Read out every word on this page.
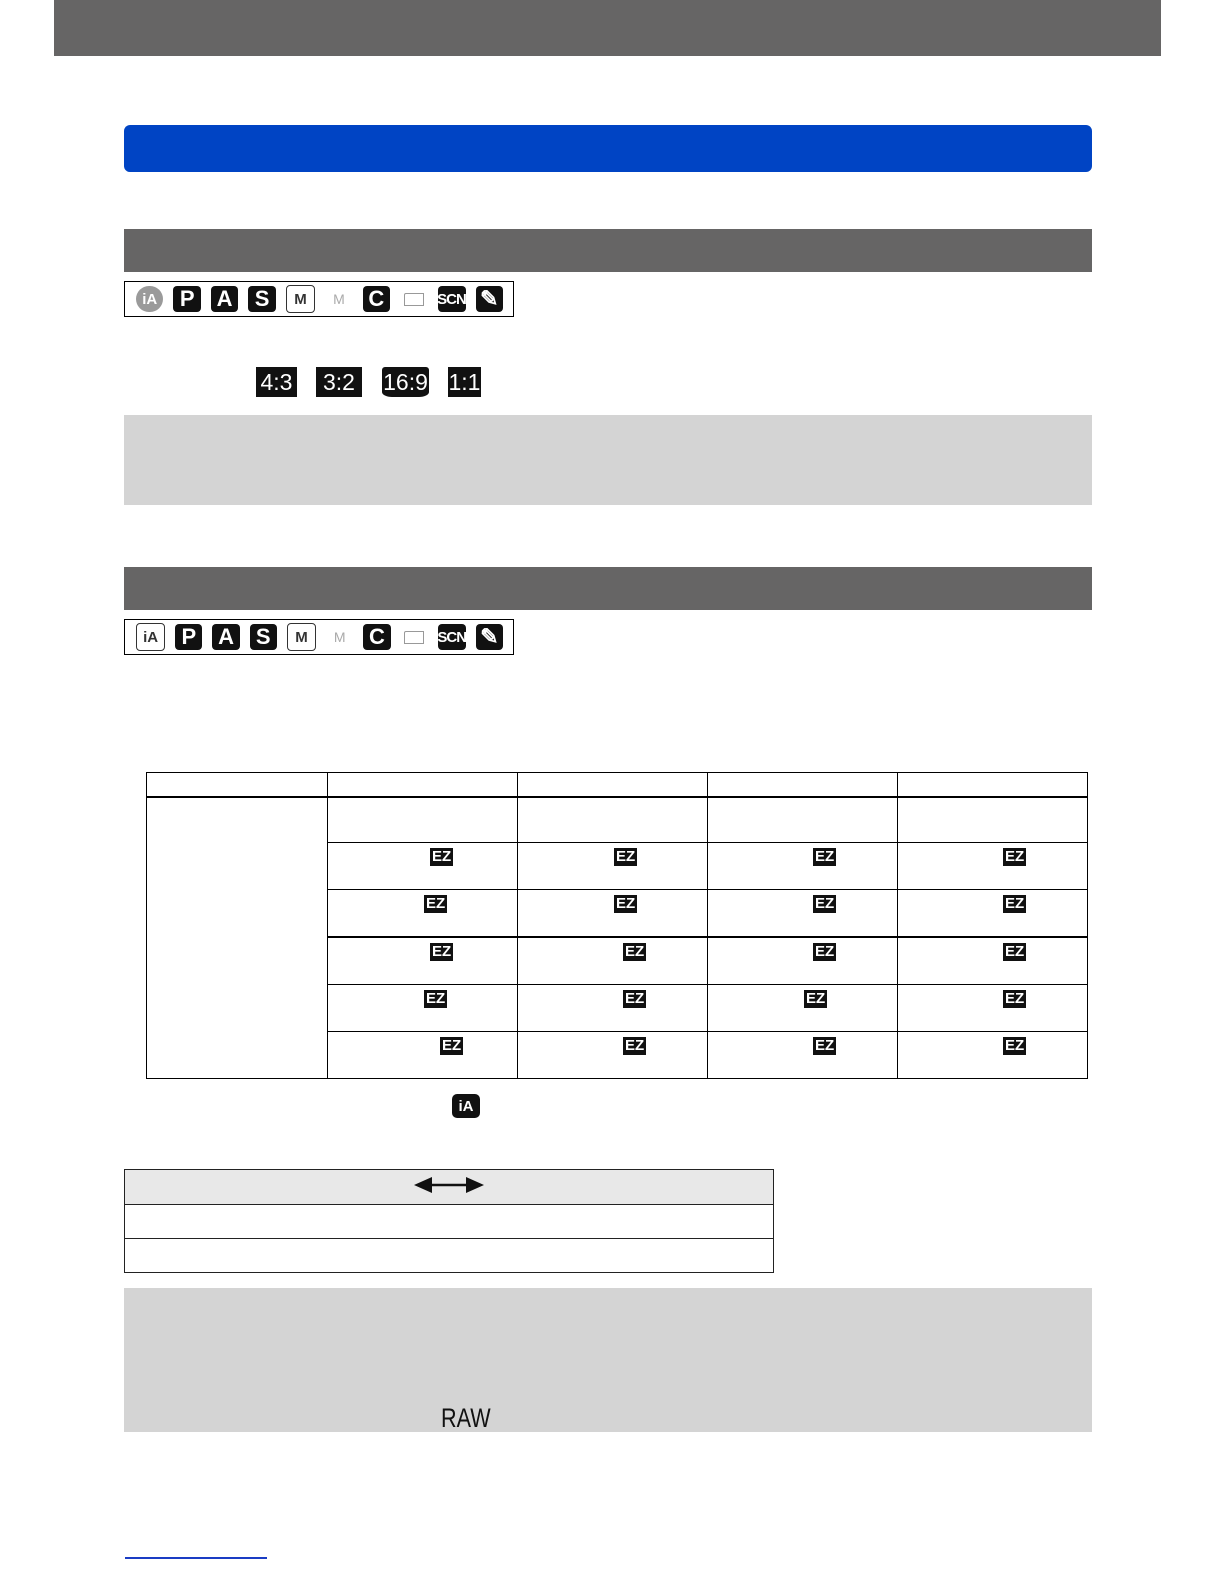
iA P A S	M	M	C	SCN ✎
4:3	3:2	16:9 1:1
iA	P A S	M	M	C	SCN ✎

	EZ	EZ	EZ	EZ

	EZ	EZ	EZ	EZ

	EZ	EZ	EZ	EZ

	EZ	EZ	EZ	EZ

	EZ	EZ	EZ	EZ
iA

RAW
